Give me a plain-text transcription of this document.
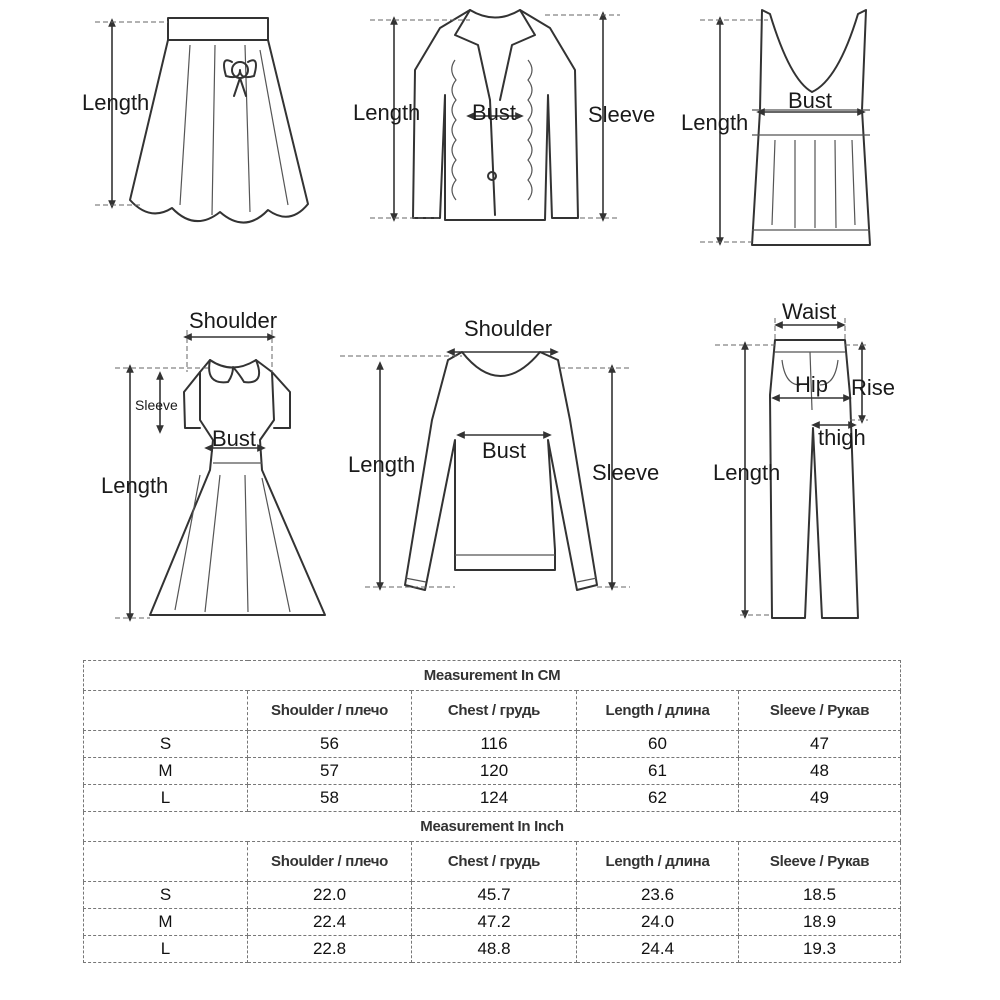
Length	Length Bust	Sleeve
Bust
Length
Shoulder
Sleeve
Bust
Length
Shoulder
Length
Bust
Sleeve
Waist
Hip Rise
thigh
Length
Measurement In CM				
	Shoulder / плечо	Chest / грудь	Length / длина	Sleeve / Рукав
S	56	116	60	47
M	57	120	61	48
L	58	124	62	49
Measurement In Inch				
	Shoulder / плечо	Chest / грудь	Length / длина	Sleeve / Рукав
S	22.0	45.7	23.6	18.5
M	22.4	47.2	24.0	18.9
L	22.8	48.8	24.4	19.3
